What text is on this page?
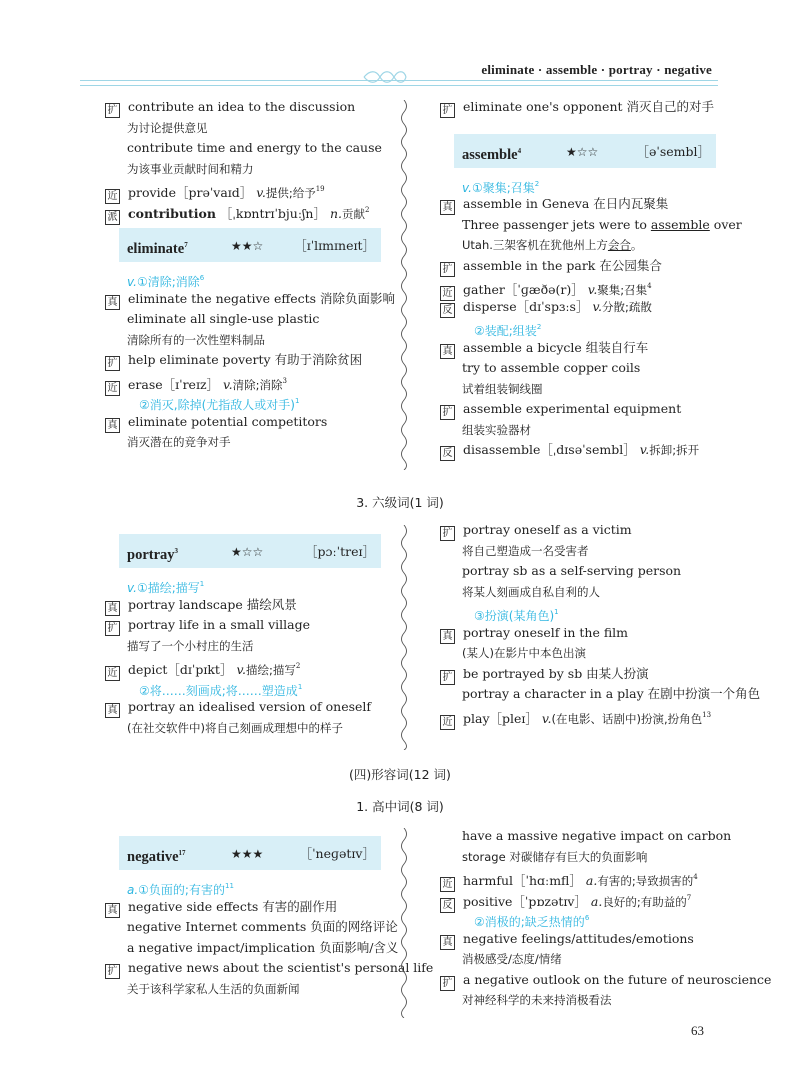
eliminate · assemble · portray · negative
扩 contribute an idea to the discussion
为讨论提供意见
contribute time and energy to the cause
为该事业贡献时间和精力
近 provide［prəˈvaɪd］ v.提供;给予$^{19}$
派 contribution ［ˌkɒntrɪˈbjuːʃn］ n.贡献$^2$
eliminate$^7$	★★☆ ［ɪˈlɪmɪneɪt］
v.①清除;消除$^6$
真 eliminate the negative effects 消除负面影响
eliminate all single-use plastic
清除所有的一次性塑料制品
扩 help eliminate poverty 有助于消除贫困
近 erase［ɪˈreɪz］ v.清除;消除$^3$
②消灭,除掉(尤指敌人或对手)$^1$
真 eliminate potential competitors
消灭潜在的竞争对手
扩 eliminate one's opponent 消灭自己的对手
assemble$^4$	★☆☆	［əˈsembl］
v.①聚集;召集$^2$
真 assemble in Geneva 在日内瓦聚集
Three passenger jets were to assemble over
Utah.三架客机在犹他州上方会合。
扩 assemble in the park 在公园集合
近 gather［ˈɡæðə(r)］ v.聚集;召集$^4$
反 disperse［dɪˈspɜːs］ v.分散;疏散
②装配;组装$^2$
真 assemble a bicycle 组装自行车
try to assemble copper coils
试着组装铜线圈
扩 assemble experimental equipment
组装实验器材
反 disassemble［ˌdɪsəˈsembl］ v.拆卸;拆开
3. 六级词(1 词)
portray$^3$	★☆☆	［pɔːˈtreɪ］
v.①描绘;描写$^1$
真 portray landscape 描绘风景
扩 portray life in a small village
描写了一个小村庄的生活
近 depict［dɪˈpɪkt］ v.描绘;描写$^2$
②将……刻画成;将……塑造成$^1$
真 portray an idealised version of oneself
(在社交软件中)将自己刻画成理想中的样子
扩 portray oneself as a victim
将自己塑造成一名受害者
portray sb as a self-serving person
将某人刻画成自私自利的人
③扮演(某角色)$^1$
真 portray oneself in the film
(某人)在影片中本色出演
扩 be portrayed by sb 由某人扮演
portray a character in a play 在剧中扮演一个角色
近 play［pleɪ］ v.(在电影、话剧中)扮演,扮角色$^{13}$
(四)形容词(12 词)
1. 高中词(8 词)
negative$^{17}$	★★★	［ˈneɡətɪv］
a.①负面的;有害的$^{11}$
真 negative side effects 有害的副作用
negative Internet comments 负面的网络评论
a negative impact/implication 负面影响/含义
扩 negative news about the scientist's personal life
关于该科学家私人生活的负面新闻
have a massive negative impact on carbon
storage 对碳储存有巨大的负面影响
近 harmful［ˈhɑːmfl］ a.有害的;导致损害的$^4$
反 positive［ˈpɒzətɪv］ a.良好的;有助益的$^7$
②消极的;缺乏热情的$^6$
真 negative feelings/attitudes/emotions
消极感受/态度/情绪
扩 a negative outlook on the future of neuroscience
对神经科学的未来持消极看法
63
